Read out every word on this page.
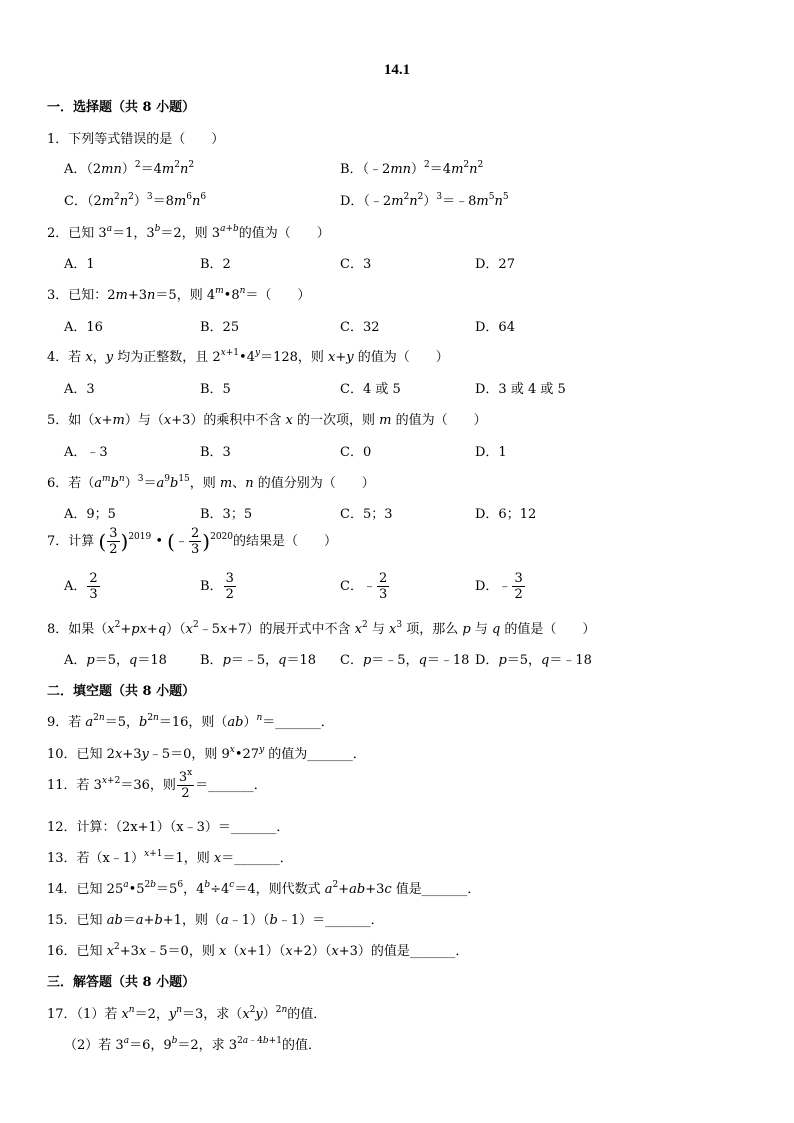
14.1
一．选择题（共 8 小题）
1．下列等式错误的是（　　）
A．$(2mn)^2=4m^2n^2$	B．$(﹣2mn)^2=4m^2n^2$
C．$(2m^2n^2)^3=8m^6n^6$	D．$(﹣2m^2n^2)^3=﹣8m^5n^5$
2．已知 $3^a=1$，$3^b=2$，则 $3^{a+b}$的值为（　　）
A．1	B．2	C．3	D．27
3．已知：2m+3n＝5，则 $4^m•8^n=$（　　）
A．16	B．25	C．32	D．64
4．若 x，y 均为正整数，且 $2^{x+1}•4^y=128$，则 x+y 的值为（　　）
A．3	B．5	C．4 或 5	D．3 或 4 或 5
5．如（x+m）与（x+3）的乘积中不含 x 的一次项，则 m 的值为（　　）
A．﹣3	B．3	C．0	D．1
6．若$(a^mb^n)^3=a^9b^{15}$，则 m、n 的值分别为（　　）
A．9；5	B．3；5	C．5；3	D．6；12
7．计算 ( $\frac{3}{2} )^{2019}$ • (﹣ $\frac{2}{3} )^{2020}$的结果是（　　）
A． $\frac{2}{3}$	B． $\frac{3}{2}$	C．﹣ $\frac{2}{3}$	D．﹣ $\frac{3}{2}$
8．如果$(x^2+px+q)(x^2﹣5x+7)$的展开式中不含 $x^2$ 与 $x^3$ 项，那么 p 与 q 的值是（　　）
A．p＝5，q＝18	B．p＝﹣5，q＝18 C．p＝﹣5，q＝﹣18 D．p＝5，q＝﹣18
二．填空题（共 8 小题）
9．若 $a^{2n}=5$，$b^{2n}=16$，则（ab）$^n$＝_______．
10．已知 2x+3y﹣5＝0，则 9$^x$•27$^y$ 的值为_______．
11．若 $3^{x+2}=36$，则 $\frac{3^x}{2}$ ＝_______．
12．计算：（2x+1）（x﹣3）＝_______．
13．若（x﹣1）$^{x+1}$＝1，则 x＝_______．
14．已知 $25^a•5^{2b}=5^6$，$4^b\div 4^c=4$，则代数式 $a^2+ab+3c$ 值是_______．
15．已知 ab＝a+b+1，则（a﹣1）（b﹣1）＝_______．
16．已知 $x^2+3x﹣5=0$，则 x（x+1）（x+2）（x+3）的值是_______．
三．解答题（共 8 小题）
17．（1）若 $x^n=2$，$y^n=3$，求$(x^2y)^{2n}$的值．
（2）若 $3^a=6$，$9^b=2$，求 $3^{2a﹣4b+1}$的值．
